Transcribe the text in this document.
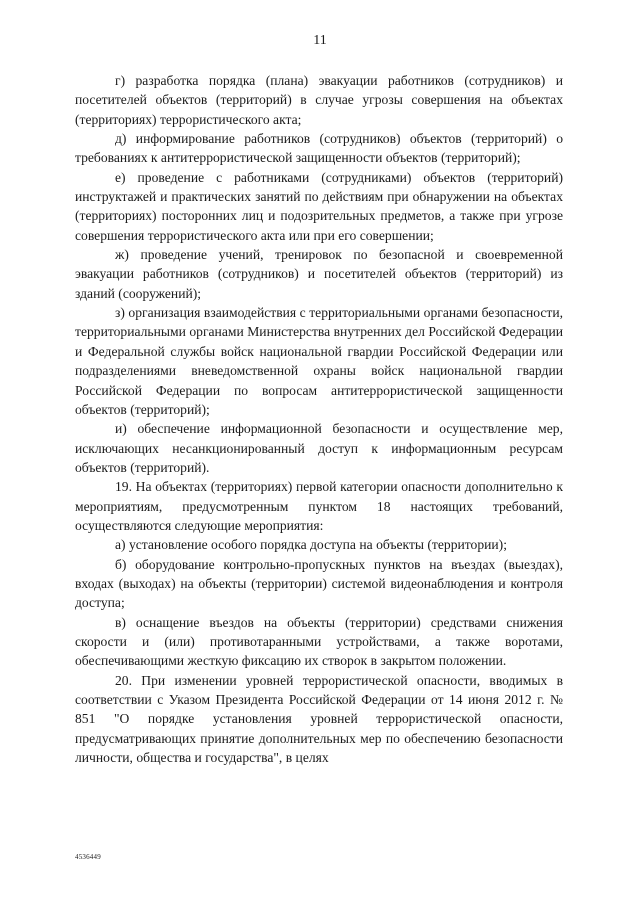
11

г) разработка порядка (плана) эвакуации работников (сотрудников) и посетителей объектов (территорий) в случае угрозы совершения на объектах (территориях) террористического акта;

д) информирование работников (сотрудников) объектов (территорий) о требованиях к антитеррористической защищенности объектов (территорий);

е) проведение с работниками (сотрудниками) объектов (территорий) инструктажей и практических занятий по действиям при обнаружении на объектах (территориях) посторонних лиц и подозрительных предметов, а также при угрозе совершения террористического акта или при его совершении;

ж) проведение учений, тренировок по безопасной и своевременной эвакуации работников (сотрудников) и посетителей объектов (территорий) из зданий (сооружений);

з) организация взаимодействия с территориальными органами безопасности, территориальными органами Министерства внутренних дел Российской Федерации и Федеральной службы войск национальной гвардии Российской Федерации или подразделениями вневедомственной охраны войск национальной гвардии Российской Федерации по вопросам антитеррористической защищенности объектов (территорий);

и) обеспечение информационной безопасности и осуществление мер, исключающих несанкционированный доступ к информационным ресурсам объектов (территорий).

19. На объектах (территориях) первой категории опасности дополнительно к мероприятиям, предусмотренным пунктом 18 настоящих требований, осуществляются следующие мероприятия:

а) установление особого порядка доступа на объекты (территории);

б) оборудование контрольно-пропускных пунктов на въездах (выездах), входах (выходах) на объекты (территории) системой видеонаблюдения и контроля доступа;

в) оснащение въездов на объекты (территории) средствами снижения скорости и (или) противотаранными устройствами, а также воротами, обеспечивающими жесткую фиксацию их створок в закрытом положении.

20. При изменении уровней террористической опасности, вводимых в соответствии с Указом Президента Российской Федерации от 14 июня 2012 г. № 851 "О порядке установления уровней террористической опасности, предусматривающих принятие дополнительных мер по обеспечению безопасности личности, общества и государства", в целях

4536449
